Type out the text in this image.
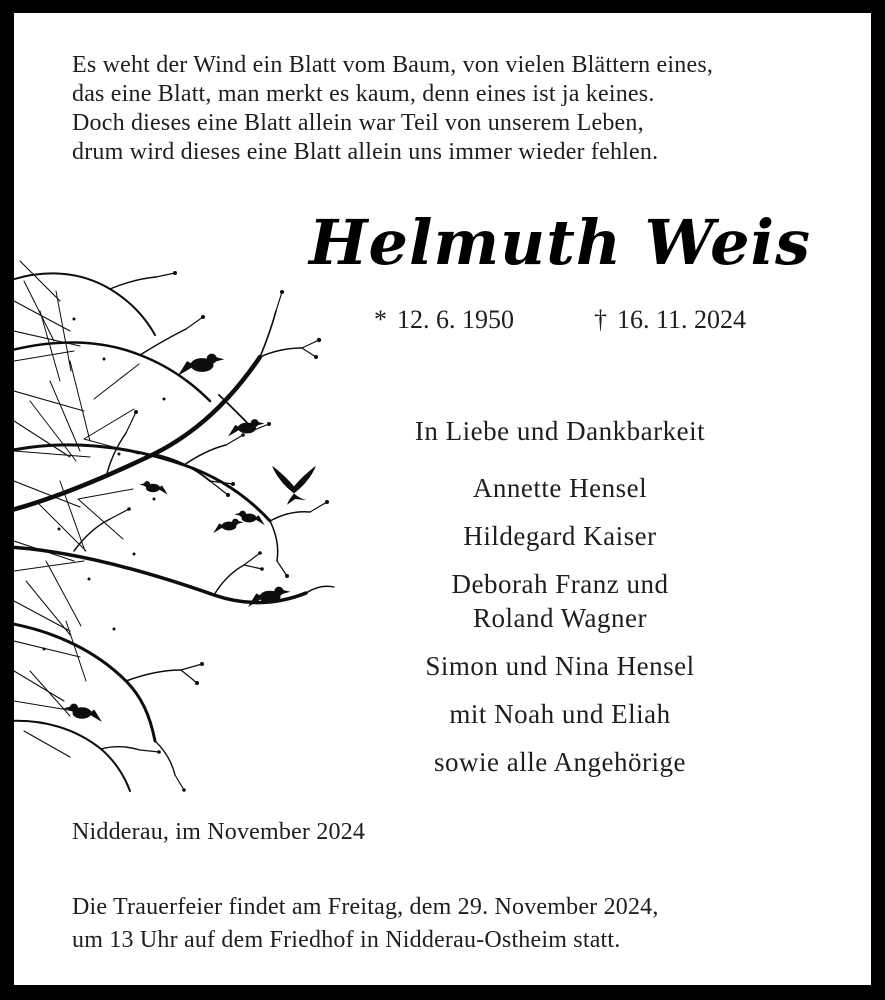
Es weht der Wind ein Blatt vom Baum, von vielen Blättern eines,
das eine Blatt, man merkt es kaum, denn eines ist ja keines.
Doch dieses eine Blatt allein war Teil von unserem Leben,
drum wird dieses eine Blatt allein uns immer wieder fehlen.
Helmuth Weis
* 12. 6. 1950	† 16. 11. 2024
In Liebe und Dankbarkeit
Annette Hensel
Hildegard Kaiser
Deborah Franz und
Roland Wagner
Simon und Nina Hensel
mit Noah und Eliah
sowie alle Angehörige
Nidderau, im November 2024
Die Trauerfeier findet am Freitag, dem 29. November 2024,
um 13 Uhr auf dem Friedhof in Nidderau-Ostheim statt.
